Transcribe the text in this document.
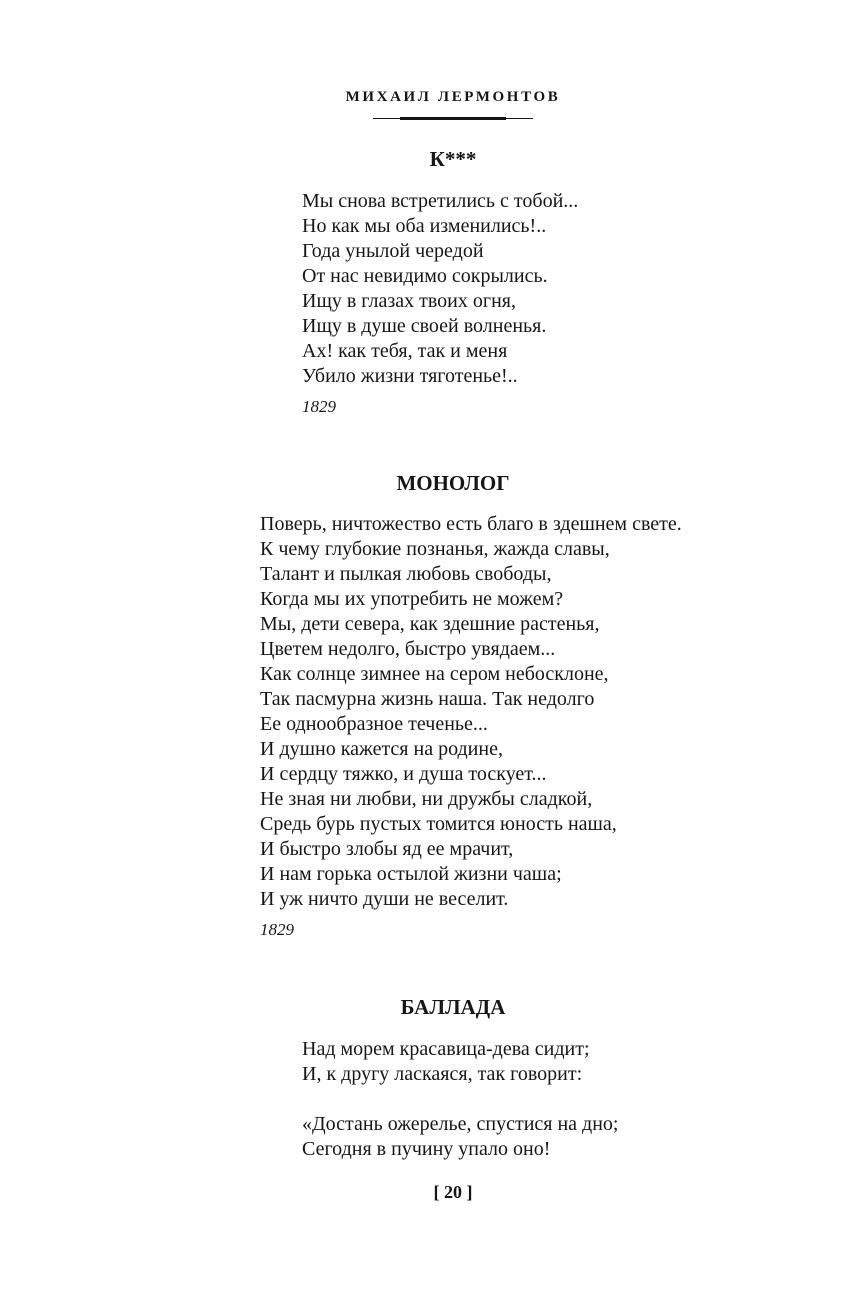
МИХАИЛ ЛЕРМОНТОВ
К***
Мы снова встретились с тобой...
Но как мы оба изменились!..
Года унылой чередой
От нас невидимо сокрылись.
Ищу в глазах твоих огня,
Ищу в душе своей волненья.
Ах! как тебя, так и меня
Убило жизни тяготенье!..
1829
МОНОЛОГ
Поверь, ничтожество есть благо в здешнем свете.
К чему глубокие познанья, жажда славы,
Талант и пылкая любовь свободы,
Когда мы их употребить не можем?
Мы, дети севера, как здешние растенья,
Цветем недолго, быстро увядаем...
Как солнце зимнее на сером небосклоне,
Так пасмурна жизнь наша. Так недолго
Ее однообразное теченье...
И душно кажется на родине,
И сердцу тяжко, и душа тоскует...
Не зная ни любви, ни дружбы сладкой,
Средь бурь пустых томится юность наша,
И быстро злобы яд ее мрачит,
И нам горька остылой жизни чаша;
И уж ничто души не веселит.
1829
БАЛЛАДА
Над морем красавица-дева сидит;
И, к другу ласкаяся, так говорит:
«Достань ожерелье, спустися на дно;
Сегодня в пучину упало оно!
[ 20 ]
